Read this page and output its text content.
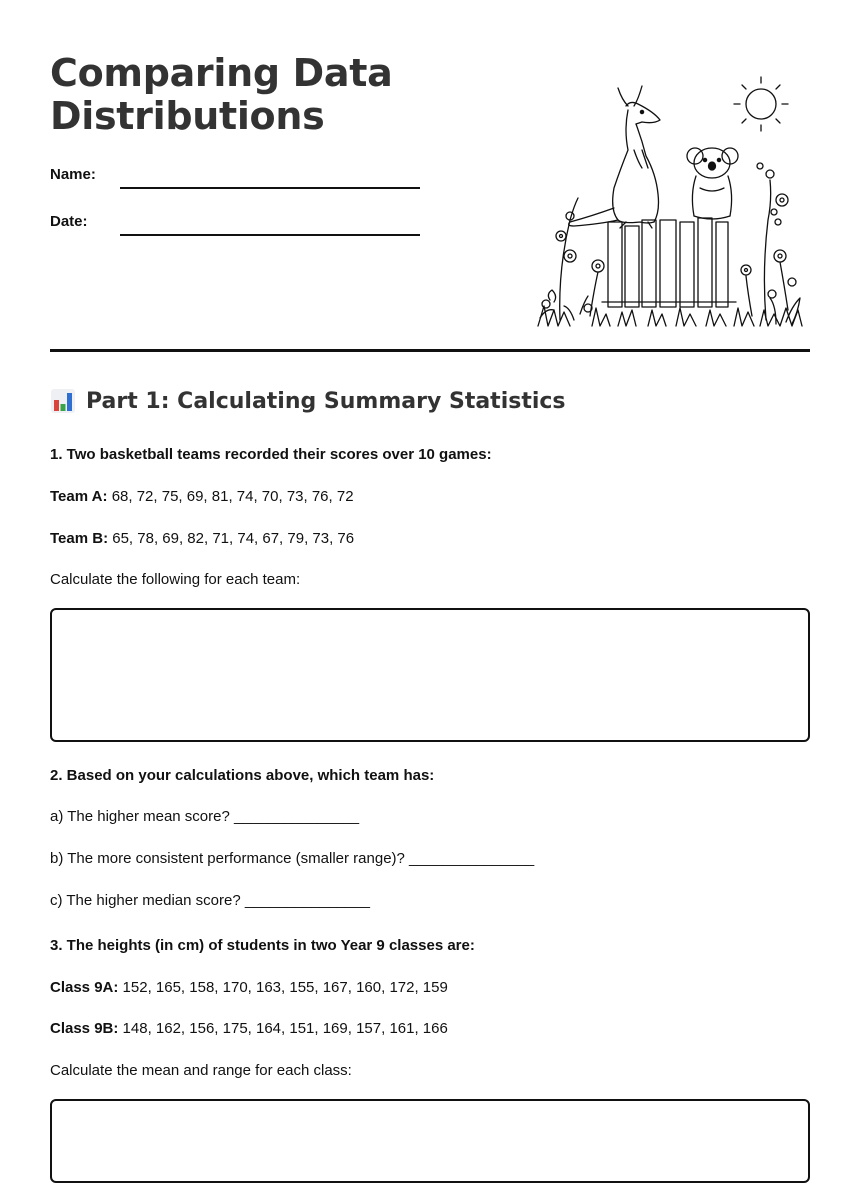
Comparing Data Distributions
Name:
Date:
Part 1: Calculating Summary Statistics
1. Two basketball teams recorded their scores over 10 games:
Team A: 68, 72, 75, 69, 81, 74, 70, 73, 76, 72
Team B: 65, 78, 69, 82, 71, 74, 67, 79, 73, 76
Calculate the following for each team:
2. Based on your calculations above, which team has:
a) The higher mean score? _______________
b) The more consistent performance (smaller range)? _______________
c) The higher median score? _______________
3. The heights (in cm) of students in two Year 9 classes are:
Class 9A: 152, 165, 158, 170, 163, 155, 167, 160, 172, 159
Class 9B: 148, 162, 156, 175, 164, 151, 169, 157, 161, 166
Calculate the mean and range for each class:
